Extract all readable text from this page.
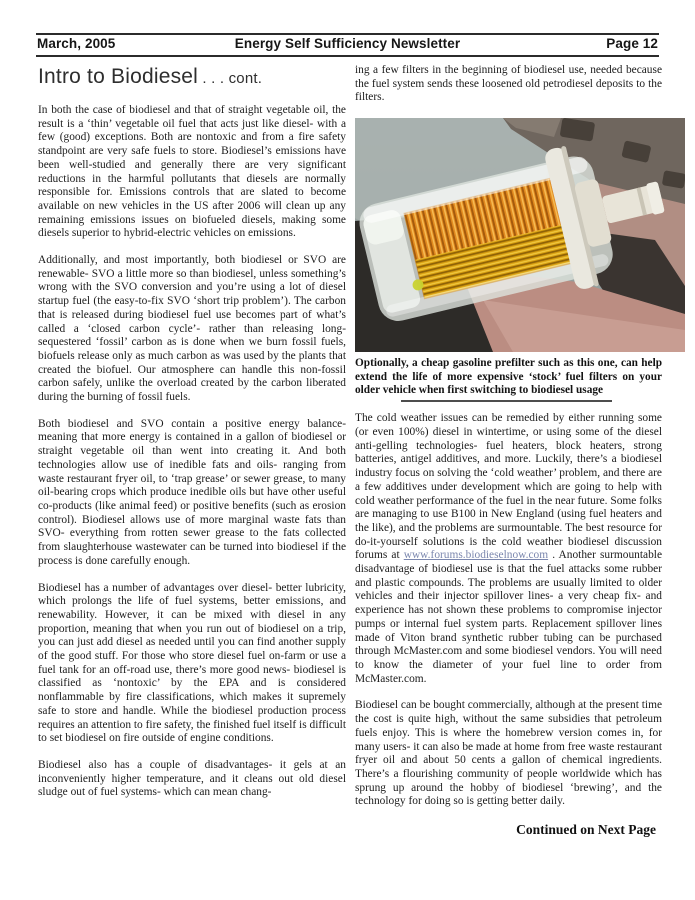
March, 2005	Energy Self Sufficiency Newsletter	Page 12
Intro to Biodiesel . . . cont.

In both the case of biodiesel and that of straight vegetable oil, the result is a ‘thin’ vegetable oil fuel that acts just like diesel- with a few (good) exceptions. Both are nontoxic and from a fire safety standpoint are very safe fuels to store. Biodiesel’s emissions have been well-studied and generally there are very significant reductions in the harmful pollutants that diesels are normally responsible for. Emissions controls that are slated to become available on new vehicles in the US after 2006 will clean up any remaining emissions issues on biofueled diesels, making some diesels superior to hybrid-electric vehicles on emissions.

Additionally, and most importantly, both biodiesel or SVO are renewable- SVO a little more so than biodiesel, unless something’s wrong with the SVO conversion and you’re using a lot of diesel startup fuel (the easy-to-fix SVO ‘short trip problem’). The carbon that is released during biodiesel fuel use becomes part of what’s called a ‘closed carbon cycle’- rather than releasing long-sequestered ‘fossil’ carbon as is done when we burn fossil fuels, biofuels release only as much carbon as was used by the plants that created the biofuel. Our atmosphere can handle this non-fossil carbon safely, unlike the overload created by the carbon liberated during the burning of fossil fuels.

Both biodiesel and SVO contain a positive energy balance- meaning that more energy is contained in a gallon of biodiesel or straight vegetable oil than went into creating it. And both technologies allow use of inedible fats and oils- ranging from waste restaurant fryer oil, to ‘trap grease’ or sewer grease, to many oil-bearing crops which produce inedible oils but have other useful co-products (like animal feed) or positive benefits (such as erosion control). Biodiesel allows use of more marginal waste fats than SVO- everything from rotten sewer grease to the fats collected from slaughterhouse wastewater can be turned into biodiesel if the process is done carefully enough.

Biodiesel has a number of advantages over diesel- better lubricity, which prolongs the life of fuel systems, better emissions, and renewability. However, it can be mixed with diesel in any proportion, meaning that when you run out of biodiesel on a trip, you can just add diesel as needed until you can find another supply of the good stuff. For those who store diesel fuel on-farm or use a fuel tank for an off-road use, there’s more good news- biodiesel is classified as ‘nontoxic’ by the EPA and is considered nonflammable by fire classifications, which makes it supremely safe to store and handle. While the biodiesel production process requires an attention to fire safety, the finished fuel itself is difficult to set biodiesel on fire outside of engine conditions.

Biodiesel also has a couple of disadvantages- it gels at an inconveniently higher temperature, and it cleans out old diesel sludge out of fuel systems- which can mean chang-

ing a few filters in the beginning of biodiesel use, needed because the fuel system sends these loosened old petrodiesel deposits to the filters.

Optionally, a cheap gasoline prefilter such as this one, can help extend the life of more expensive ‘stock’ fuel filters on your older vehicle when first switching to biodiesel usage

The cold weather issues can be remedied by either running some (or even 100%) diesel in wintertime, or using some of the diesel anti-gelling technologies- fuel heaters, block heaters, strong batteries, antigel additives, and more. Luckily, there’s a biodiesel industry focus on solving the ‘cold weather’ problem, and there are a few additives under development which are going to help with cold weather performance of the fuel in the near future. Some folks are managing to use B100 in New England (using fuel heaters and the like), and the problems are surmountable. The best resource for do-it-yourself solutions is the cold weather biodiesel discussion forums at www.forums.biodieselnow.com . Another surmountable disadvantage of biodiesel use is that the fuel attacks some rubber and plastic compounds. The problems are usually limited to older vehicles and their injector spillover lines- a very cheap fix- and experience has not shown these problems to compromise injector pumps or internal fuel system parts. Replacement spillover lines made of Viton brand synthetic rubber tubing can be purchased through McMaster.com and some biodiesel vendors. You will need to know the diameter of your fuel line to order from McMaster.com.

Biodiesel can be bought commercially, although at the present time the cost is quite high, without the same subsidies that petroleum fuels enjoy. This is where the homebrew version comes in, for many users- it can also be made at home from free waste restaurant fryer oil and about 50 cents a gallon of chemical ingredients. There’s a flourishing community of people worldwide which has sprung up around the hobby of biodiesel ‘brewing’, and the technology for doing so is getting better daily.

Continued on Next Page
